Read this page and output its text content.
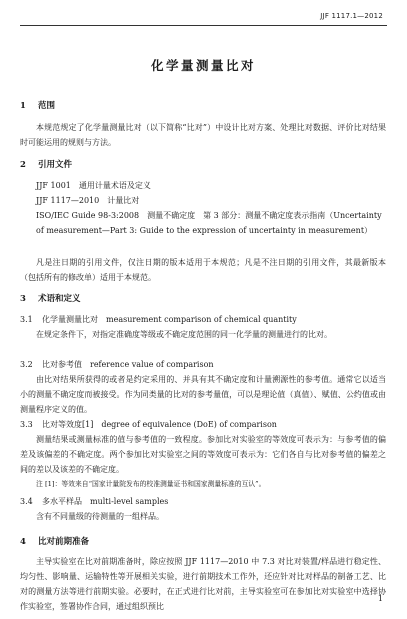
JJF 1117.1—2012
化学量测量比对
1 范围
本规范规定了化学量测量比对（以下简称“比对”）中设计比对方案、处理比对数据、评价比对结果时可能运用的规则与方法。
2 引用文件
JJF 1001　通用计量术语及定义
JJF 1117—2010　计量比对
ISO/IEC Guide 98-3:2008　测量不确定度　第 3 部分：测量不确定度表示指南（Uncertainty of measurement—Part 3: Guide to the expression of uncertainty in measurement）
凡是注日期的引用文件，仅注日期的版本适用于本规范；凡是不注日期的引用文件，其最新版本（包括所有的修改单）适用于本规范。
3 术语和定义
3.1 化学量测量比对　measurement comparison of chemical quantity
在规定条件下，对指定准确度等级或不确定度范围的同一化学量的测量进行的比对。
3.2 比对参考值　reference value of comparison
由比对结果所获得的或者是约定采用的、并具有其不确定度和计量溯源性的参考值。通常它以适当小的测量不确定度而被接受。作为同类量的比对的参考量值，可以是理论值（真值）、赋值、公约值或由测量程序定义的值。
3.3 比对等效度[1]　degree of equivalence (DoE) of comparison
测量结果或测量标准的值与参考值的一致程度。参加比对实验室的等效度可表示为：与参考值的偏差及该偏差的不确定度。两个参加比对实验室之间的等效度可表示为：它们各自与比对参考值的偏差之间的差以及该差的不确定度。
注 [1]：等效来自“国家计量院发布的校准测量证书和国家测量标准的互认”。
3.4 多水平样品　multi-level samples
含有不同量级的待测量的一组样品。
4 比对前期准备
主导实验室在比对前期准备时，除应按照 JJF 1117—2010 中 7.3 对比对装置/样品进行稳定性、均匀性、影响量、运输特性等开展相关实验，进行前期技术工作外，还应针对比对样品的制备工艺、比对的测量方法等进行前期实验。必要时，在正式进行比对前，主导实验室可在参加比对实验室中选择协作实验室，签署协作合同，通过组织预比
1
